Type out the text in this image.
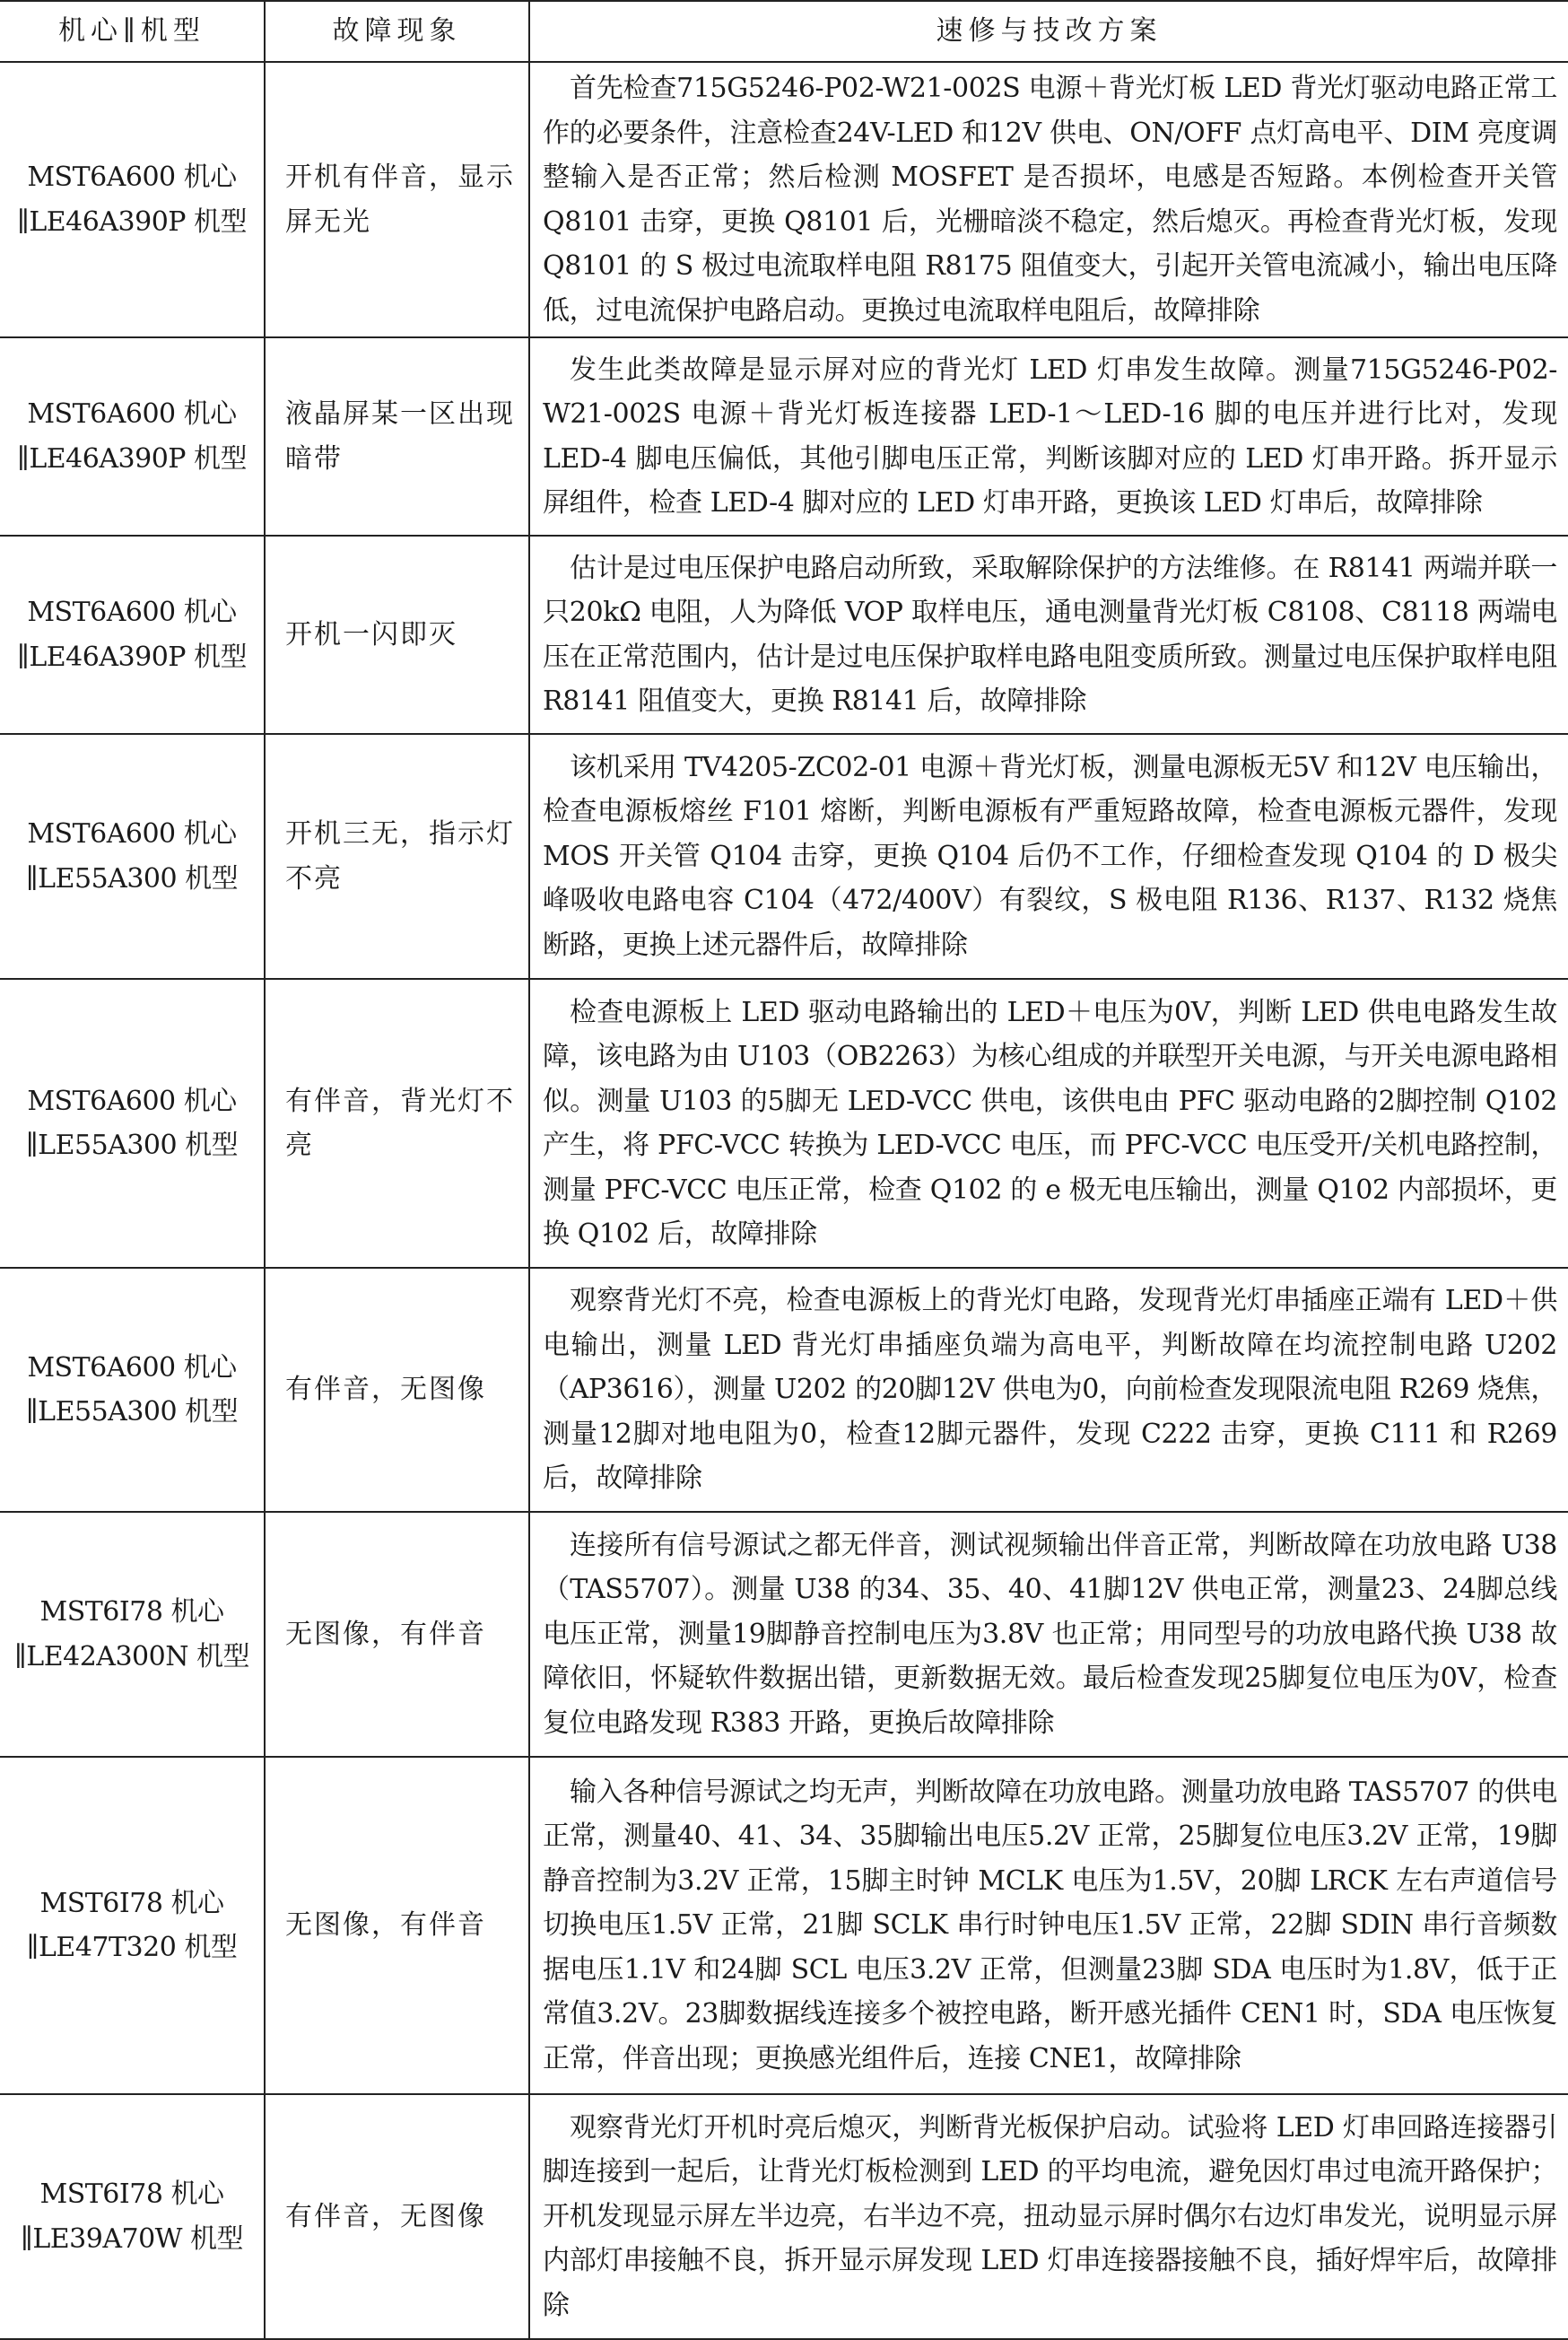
机心∥机型	故障现象	速修与技改方案
MST6A600 机心∥LE46A390P 机型	开机有伴音，显示屏无光	首先检查715G5246-P02-W21-002S 电源＋背光灯板 LED 背光灯驱动电路正常工作的必要条件，注意检查24V-LED 和12V 供电、ON/OFF 点灯高电平、DIM 亮度调整输入是否正常；然后检测 MOSFET 是否损坏，电感是否短路。本例检查开关管 Q8101 击穿，更换 Q8101 后，光栅暗淡不稳定，然后熄灭。再检查背光灯板，发现 Q8101 的 S 极过电流取样电阻 R8175 阻值变大，引起开关管电流减小，输出电压降低，过电流保护电路启动。更换过电流取样电阻后，故障排除
MST6A600 机心∥LE46A390P 机型	液晶屏某一区出现暗带	发生此类故障是显示屏对应的背光灯 LED 灯串发生故障。测量715G5246-P02-W21-002S 电源＋背光灯板连接器 LED-1～LED-16 脚的电压并进行比对，发现 LED-4 脚电压偏低，其他引脚电压正常，判断该脚对应的 LED 灯串开路。拆开显示屏组件，检查 LED-4 脚对应的 LED 灯串开路，更换该 LED 灯串后，故障排除
MST6A600 机心∥LE46A390P 机型	开机一闪即灭	估计是过电压保护电路启动所致，采取解除保护的方法维修。在 R8141 两端并联一只20kΩ 电阻，人为降低 VOP 取样电压，通电测量背光灯板 C8108、C8118 两端电压在正常范围内，估计是过电压保护取样电路电阻变质所致。测量过电压保护取样电阻 R8141 阻值变大，更换 R8141 后，故障排除
MST6A600 机心∥LE55A300 机型	开机三无，指示灯不亮	该机采用 TV4205-ZC02-01 电源＋背光灯板，测量电源板无5V 和12V 电压输出，检查电源板熔丝 F101 熔断，判断电源板有严重短路故障，检查电源板元器件，发现 MOS 开关管 Q104 击穿，更换 Q104 后仍不工作，仔细检查发现 Q104 的 D 极尖峰吸收电路电容 C104（472/400V）有裂纹，S 极电阻 R136、R137、R132 烧焦断路，更换上述元器件后，故障排除
MST6A600 机心∥LE55A300 机型	有伴音，背光灯不亮	检查电源板上 LED 驱动电路输出的 LED＋电压为0V，判断 LED 供电电路发生故障，该电路为由 U103（OB2263）为核心组成的并联型开关电源，与开关电源电路相似。测量 U103 的5脚无 LED-VCC 供电，该供电由 PFC 驱动电路的2脚控制 Q102 产生，将 PFC-VCC 转换为 LED-VCC 电压，而 PFC-VCC 电压受开/关机电路控制，测量 PFC-VCC 电压正常，检查 Q102 的 e 极无电压输出，测量 Q102 内部损坏，更换 Q102 后，故障排除
MST6A600 机心∥LE55A300 机型	有伴音，无图像	观察背光灯不亮，检查电源板上的背光灯电路，发现背光灯串插座正端有 LED＋供电输出，测量 LED 背光灯串插座负端为高电平，判断故障在均流控制电路 U202（AP3616），测量 U202 的20脚12V 供电为0，向前检查发现限流电阻 R269 烧焦，测量12脚对地电阻为0，检查12脚元器件，发现 C222 击穿，更换 C111 和 R269 后，故障排除
MST6I78 机心∥LE42A300N 机型	无图像，有伴音	连接所有信号源试之都无伴音，测试视频输出伴音正常，判断故障在功放电路 U38（TAS5707）。测量 U38 的34、35、40、41脚12V 供电正常，测量23、24脚总线电压正常，测量19脚静音控制电压为3.8V 也正常；用同型号的功放电路代换 U38 故障依旧，怀疑软件数据出错，更新数据无效。最后检查发现25脚复位电压为0V，检查复位电路发现 R383 开路，更换后故障排除
MST6I78 机心∥LE47T320 机型	无图像，有伴音	输入各种信号源试之均无声，判断故障在功放电路。测量功放电路 TAS5707 的供电正常，测量40、41、34、35脚输出电压5.2V 正常，25脚复位电压3.2V 正常，19脚静音控制为3.2V 正常，15脚主时钟 MCLK 电压为1.5V，20脚 LRCK 左右声道信号切换电压1.5V 正常，21脚 SCLK 串行时钟电压1.5V 正常，22脚 SDIN 串行音频数据电压1.1V 和24脚 SCL 电压3.2V 正常，但测量23脚 SDA 电压时为1.8V，低于正常值3.2V。23脚数据线连接多个被控电路，断开感光插件 CEN1 时，SDA 电压恢复正常，伴音出现；更换感光组件后，连接 CNE1，故障排除
MST6I78 机心∥LE39A70W 机型	有伴音，无图像	观察背光灯开机时亮后熄灭，判断背光板保护启动。试验将 LED 灯串回路连接器引脚连接到一起后，让背光灯板检测到 LED 的平均电流，避免因灯串过电流开路保护；开机发现显示屏左半边亮，右半边不亮，扭动显示屏时偶尔右边灯串发光，说明显示屏内部灯串接触不良，拆开显示屏发现 LED 灯串连接器接触不良，插好焊牢后，故障排除
